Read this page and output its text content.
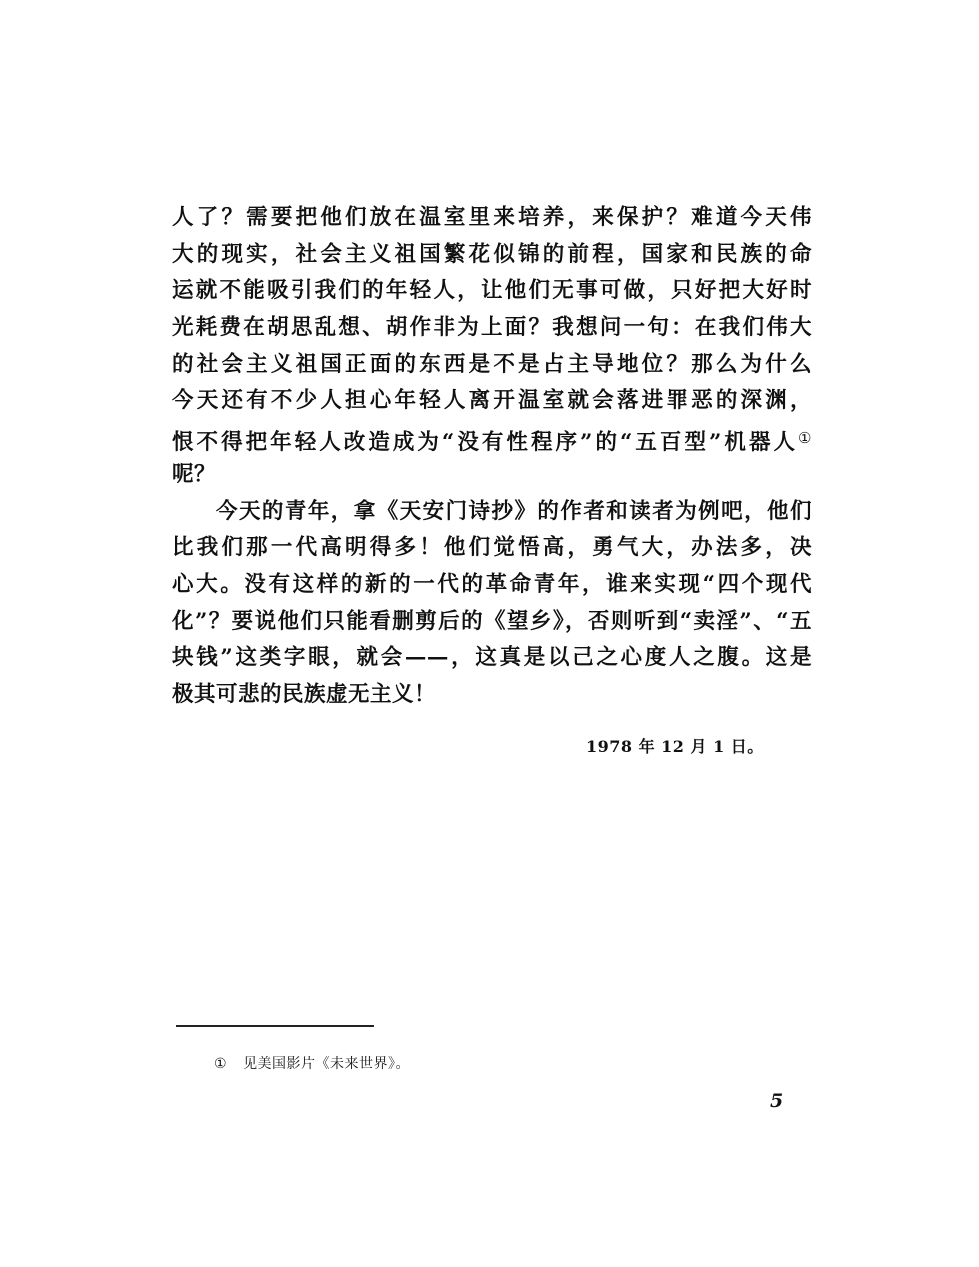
人了？需要把他们放在温室里来培养，来保护？难道今天伟
大的现实，社会主义祖国繁花似锦的前程，国家和民族的命
运就不能吸引我们的年轻人，让他们无事可做，只好把大好时
光耗费在胡思乱想、胡作非为上面？我想问一句：在我们伟大
的社会主义祖国正面的东西是不是占主导地位？那么为什么
今天还有不少人担心年轻人离开温室就会落进罪恶的深渊，
恨不得把年轻人改造成为“没有性程序”的“五百型”机器人①
呢？
今天的青年，拿《天安门诗抄》的作者和读者为例吧，他们
比我们那一代高明得多！他们觉悟高，勇气大，办法多，决
心大。没有这样的新的一代的革命青年，谁来实现“四个现代
化”？要说他们只能看删剪后的《望乡》，否则听到“卖淫”、“五
块钱”这类字眼，就会——，这真是以己之心度人之腹。这是
极其可悲的民族虚无主义！
1978 年 12 月 1 日。
① 见美国影片《未来世界》。
5
